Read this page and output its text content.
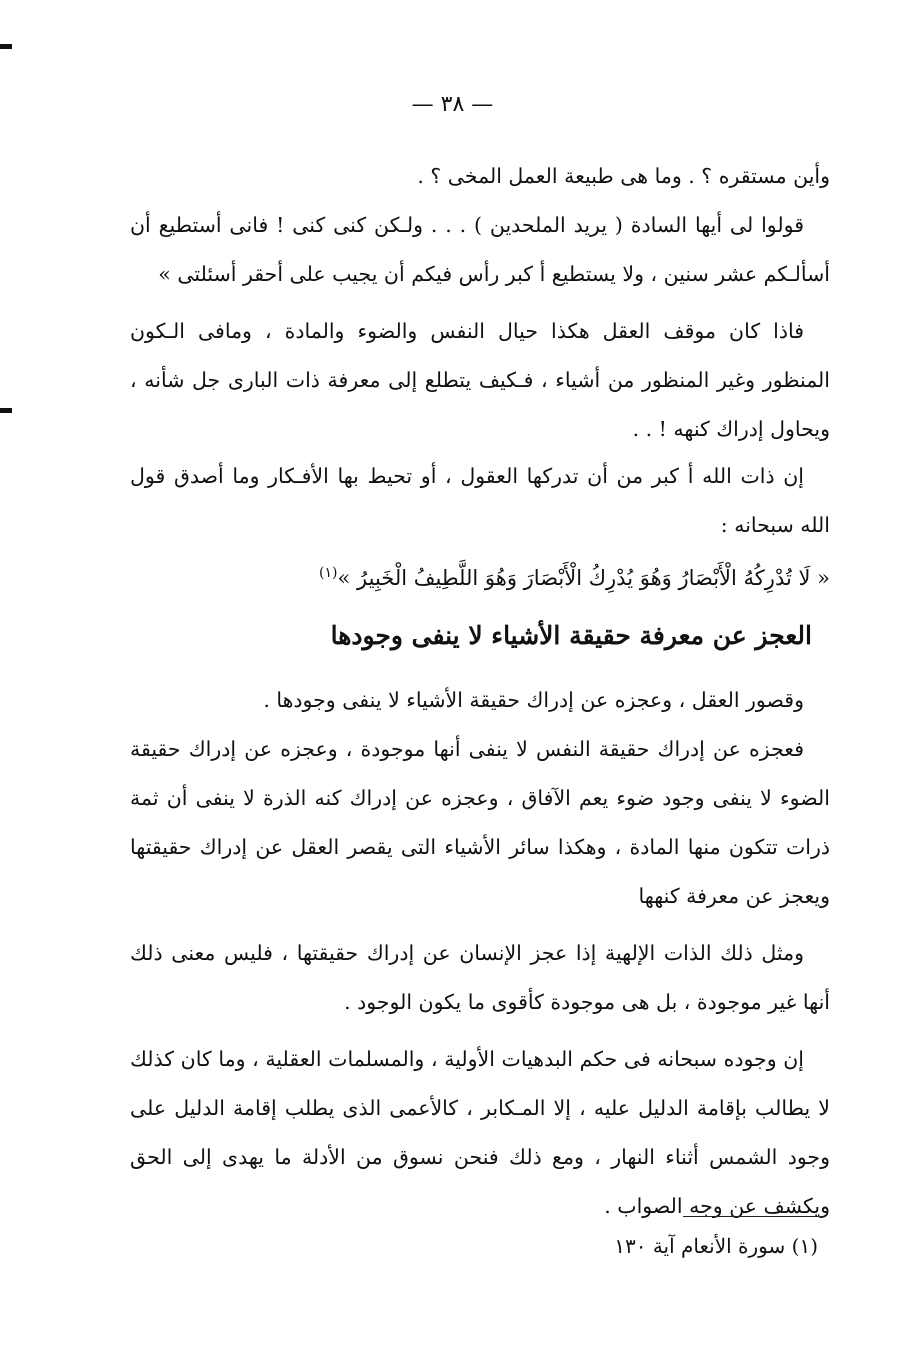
— ٣٨ —

وأين مستقره ؟ . وما هى طبيعة العمل المخى ؟ .

قولوا لى أيها السادة ( يريد الملحدين ) . . . ولـكن كنى كنى ! فانى أستطيع أن أسألـكم عشر سنين ، ولا يستطيع أ كبر رأس فيكم أن يجيب على أحقر أسئلتى »

فاذا كان موقف العقل هكذا حيال النفس والضوء والمادة ، ومافى الـكون المنظور وغير المنظور من أشياء ، فـكيف يتطلع إلى معرفة ذات البارى جل شأنه ، ويحاول إدراك كنهه ! . .

إن ذات الله أ كبر من أن تدركها العقول ، أو تحيط بها الأفـكار وما أصدق قول الله سبحانه :

« لَا تُدْرِكُهُ الْأَبْصَارُ وَهُوَ يُدْرِكُ الْأَبْصَارَ وَهُوَ اللَّطِيفُ الْخَبِيرُ »$^{(١)}$
العجز عن معرفة حقيقة الأشياء لا ينفى وجودها

وقصور العقل ، وعجزه عن إدراك حقيقة الأشياء لا ينفى وجودها .

فعجزه عن إدراك حقيقة النفس لا ينفى أنها موجودة ، وعجزه عن إدراك حقيقة الضوء لا ينفى وجود ضوء يعم الآفاق ، وعجزه عن إدراك كنه الذرة لا ينفى أن ثمة ذرات تتكون منها المادة ، وهكذا سائر الأشياء التى يقصر العقل عن إدراك حقيقتها ويعجز عن معرفة كنهها

ومثل ذلك الذات الإلهية إذا عجز الإنسان عن إدراك حقيقتها ، فليس معنى ذلك أنها غير موجودة ، بل هى موجودة كأقوى ما يكون الوجود .

إن وجوده سبحانه فى حكم البدهيات الأولية ، والمسلمات العقلية ، وما كان كذلك لا يطالب بإقامة الدليل عليه ، إلا المـكابر ، كالأعمى الذى يطلب إقامة الدليل على وجود الشمس أثناء النهار ، ومع ذلك فنحن نسوق من الأدلة ما يهدى إلى الحق ويكشف عن وجه الصواب .

(١) سورة الأنعام آية ١٣٠
